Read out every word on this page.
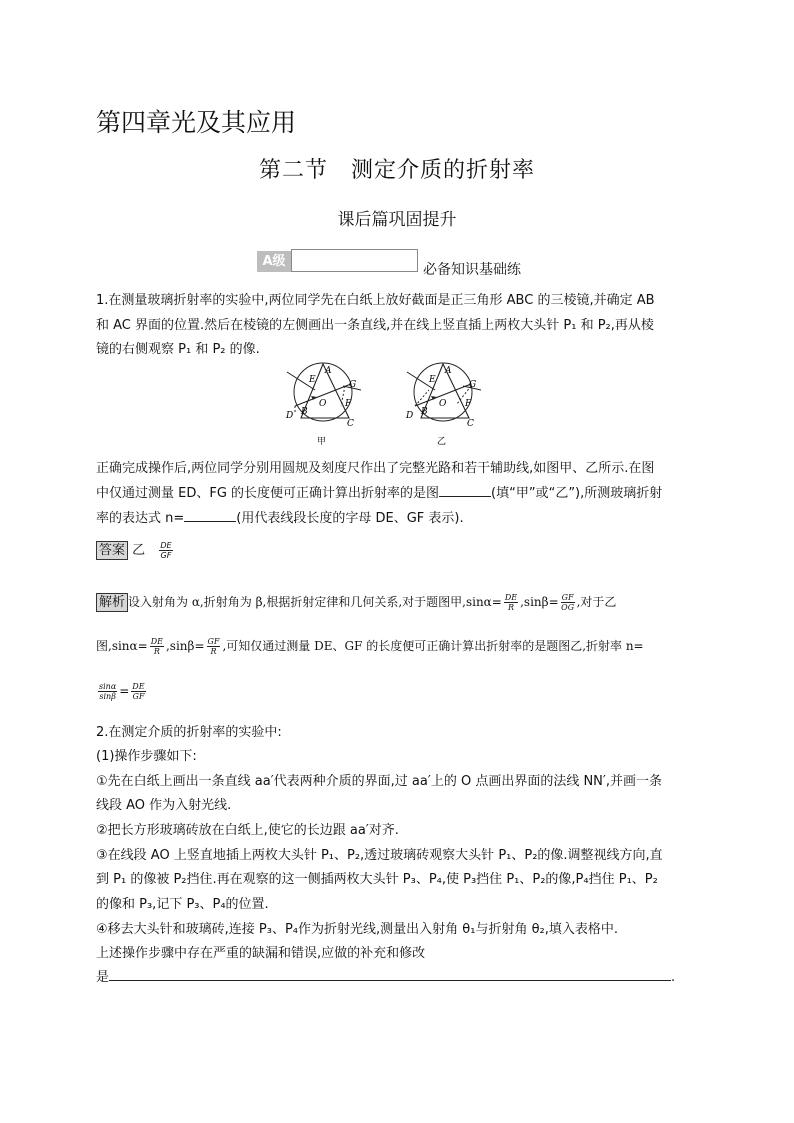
第四章光及其应用
第二节　测定介质的折射率
课后篇巩固提升
A级
必备知识基础练
1.在测量玻璃折射率的实验中,两位同学先在白纸上放好截面是正三角形 ABC 的三棱镜,并确定 AB
和 AC 界面的位置.然后在棱镜的左侧画出一条直线,并在线上竖直插上两枚大头针 P₁ 和 P₂,再从棱
镜的右侧观察 P₁ 和 P₂ 的像.
E
A
G
O
B
F
D
C
甲
E
A
G
O
B
F
D
C
乙
正确完成操作后,两位同学分别用圆规及刻度尺作出了完整光路和若干辅助线,如图甲、乙所示.在图
中仅通过测量 ED、FG 的长度便可正确计算出折射率的是图	(填“甲”或“乙”),所测玻璃折射
率的表达式 n=	(用代表线段长度的字母 DE、GF 表示).
答案 乙 $\frac{DE}{GF}$
解析 设入射角为 α,折射角为 β,根据折射定律和几何关系,对于题图甲$,\sin\alpha= \frac{DE}{R} ,\sin\beta= \frac{GF}{OG}$ ,对于乙
图$,\sin\alpha= \frac{DE}{R} ,\sin\beta= \frac{GF}{R}$ ,可知仅通过测量 DE、GF 的长度便可正确计算出折射率的是题图乙,折射率 n=
$\frac{\sin\alpha}{\sin\beta} = \frac{DE}{GF}$
2.在测定介质的折射率的实验中:
(1)操作步骤如下:
①先在白纸上画出一条直线 aa′代表两种介质的界面,过 aa′上的 O 点画出界面的法线 NN′,并画一条
线段 AO 作为入射光线.
②把长方形玻璃砖放在白纸上,使它的长边跟 aa′对齐.
③在线段 AO 上竖直地插上两枚大头针 P₁、P₂,透过玻璃砖观察大头针 P₁、P₂的像.调整视线方向,直
到 P₁ 的像被 P₂挡住.再在观察的这一侧插两枚大头针 P₃、P₄,使 P₃挡住 P₁、P₂的像,P₄挡住 P₁、P₂
的像和 P₃,记下 P₃、P₄的位置.
④移去大头针和玻璃砖,连接 P₃、P₄作为折射光线,测量出入射角 θ₁与折射角 θ₂,填入表格中.
上述操作步骤中存在严重的缺漏和错误,应做的补充和修改
是	.
